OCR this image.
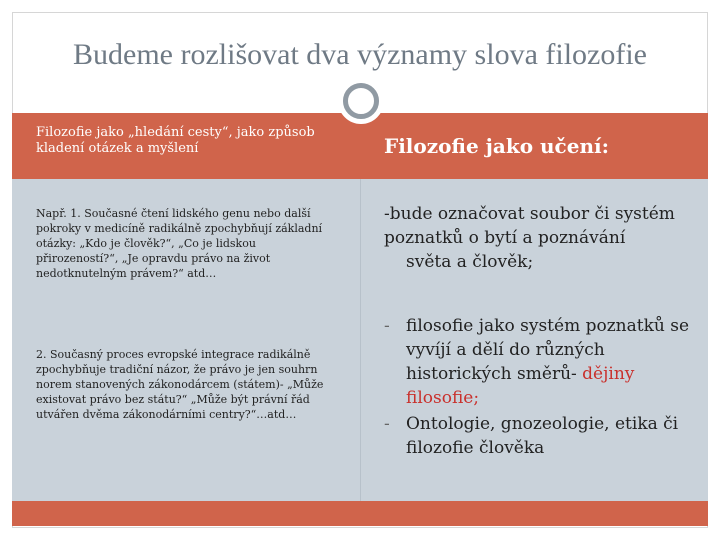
Budeme rozlišovat dva významy slova filozofie
Filozofie jako „hledání cesty“, jako způsob kladení otázek a myšlení	Filozofie jako učení:
Např. 1. Současné čtení lidského genu nebo další pokroky v medicíně radikálně zpochybňují základní otázky: „Kdo je člověk?“, „Co je lidskou přirozeností?“, „Je opravdu právo na život nedotknutelným právem?“ atd…
2. Současný proces evropské integrace radikálně zpochybňuje tradiční názor, že právo je jen souhrn norem stanovených zákonodárcem (státem)- „Může existovat právo bez státu?“ „Může být právní řád utvářen dvěma zákonodárními centry?“…atd…
-bude označovat soubor či systém
poznatků o bytí a poznávání
světa a člověk;
- filosofie jako systém poznatků se vyvíjí a dělí do různých historických směrů- dějiny filosofie;
- Ontologie, gnozeologie, etika či filozofie člověka
